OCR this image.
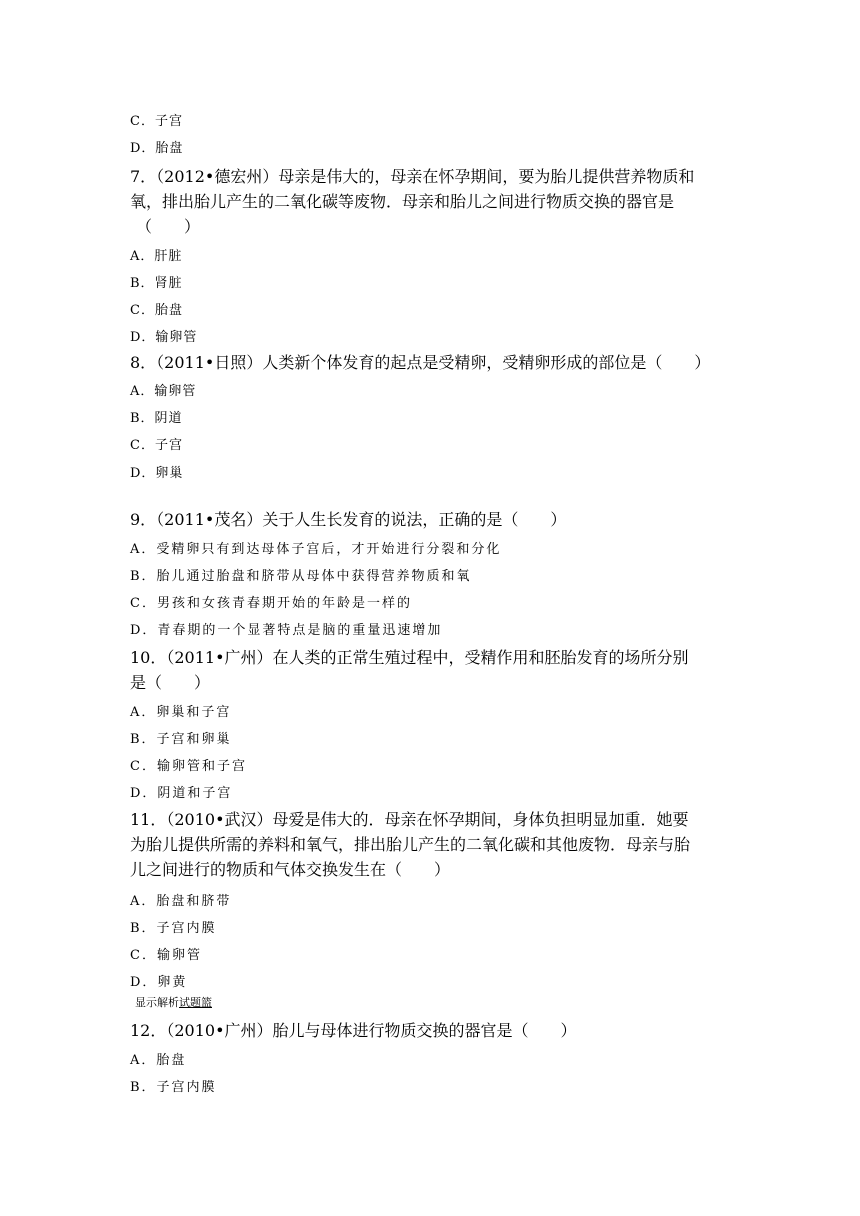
C．子宫
D．胎盘
7．（2012•德宏州）母亲是伟大的，母亲在怀孕期间，要为胎儿提供营养物质和
氧，排出胎儿产生的二氧化碳等废物．母亲和胎儿之间进行物质交换的器官是
（　　）
A．肝脏
B．肾脏
C．胎盘
D．输卵管
8．（2011•日照）人类新个体发育的起点是受精卵，受精卵形成的部位是（　　）
A．输卵管
B．阴道
C．子宫
D．卵巢
9．（2011•茂名）关于人生长发育的说法，正确的是（　　）
A．受精卵只有到达母体子宫后，才开始进行分裂和分化
B．胎儿通过胎盘和脐带从母体中获得营养物质和氧
C．男孩和女孩青春期开始的年龄是一样的
D．青春期的一个显著特点是脑的重量迅速增加
10．（2011•广州）在人类的正常生殖过程中，受精作用和胚胎发育的场所分别
是（　　）
A．卵巢和子宫
B．子宫和卵巢
C．输卵管和子宫
D．阴道和子宫
11．（2010•武汉）母爱是伟大的．母亲在怀孕期间，身体负担明显加重．她要
为胎儿提供所需的养料和氧气，排出胎儿产生的二氧化碳和其他废物．母亲与胎
儿之间进行的物质和气体交换发生在（　　）
A．胎盘和脐带
B．子宫内膜
C．输卵管
D．卵黄
显示解析试题篮
12．（2010•广州）胎儿与母体进行物质交换的器官是（　　）
A．胎盘
B．子宫内膜
